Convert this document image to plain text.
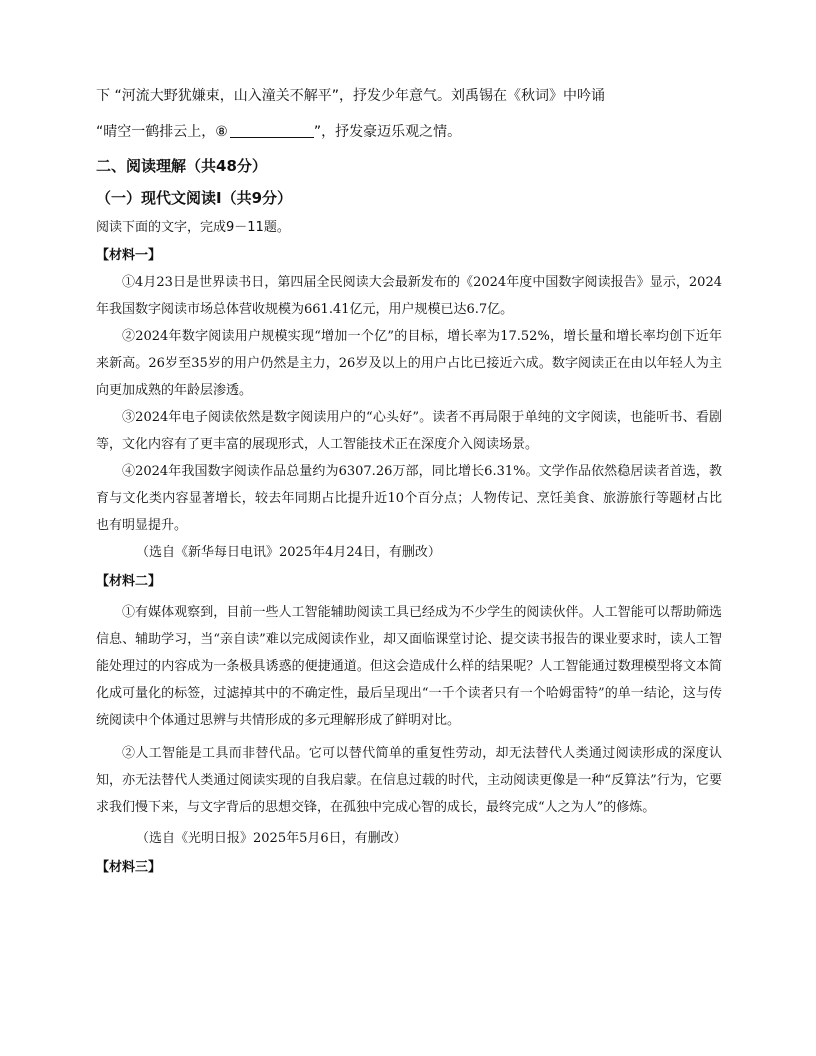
下 “河流大野犹嫌束，山入潼关不解平”，抒发少年意气。刘禹锡在《秋词》中吟诵
“晴空一鹤排云上，⑧	”，抒发豪迈乐观之情。
二、阅读理解（共48分）
（一）现代文阅读Ⅰ（共9分）
阅读下面的文字，完成9－11题。
【材料一】

①4月23日是世界读书日，第四届全民阅读大会最新发布的《2024年度中国数字阅读报告》显示，2024年我国数字阅读市场总体营收规模为661.41亿元，用户规模已达6.7亿。

②2024年数字阅读用户规模实现“增加一个亿”的目标，增长率为17.52%，增长量和增长率均创下近年来新高。26岁至35岁的用户仍然是主力，26岁及以上的用户占比已接近六成。数字阅读正在由以年轻人为主向更加成熟的年龄层渗透。

③2024年电子阅读依然是数字阅读用户的“心头好”。读者不再局限于单纯的文字阅读，也能听书、看剧等，文化内容有了更丰富的展现形式，人工智能技术正在深度介入阅读场景。

④2024年我国数字阅读作品总量约为6307.26万部，同比增长6.31%。文学作品依然稳居读者首选，教育与文化类内容显著增长，较去年同期占比提升近10个百分点；人物传记、烹饪美食、旅游旅行等题材占比也有明显提升。

（选自《新华每日电讯》2025年4月24日，有删改）
【材料二】

①有媒体观察到，目前一些人工智能辅助阅读工具已经成为不少学生的阅读伙伴。人工智能可以帮助筛选信息、辅助学习，当“亲自读”难以完成阅读作业，却又面临课堂讨论、提交读书报告的课业要求时，读人工智能处理过的内容成为一条极具诱惑的便捷通道。但这会造成什么样的结果呢？人工智能通过数理模型将文本简化成可量化的标签，过滤掉其中的不确定性，最后呈现出“一千个读者只有一个哈姆雷特”的单一结论，这与传统阅读中个体通过思辨与共情形成的多元理解形成了鲜明对比。

②人工智能是工具而非替代品。它可以替代简单的重复性劳动，却无法替代人类通过阅读形成的深度认知，亦无法替代人类通过阅读实现的自我启蒙。在信息过载的时代，主动阅读更像是一种“反算法”行为，它要求我们慢下来，与文字背后的思想交锋，在孤独中完成心智的成长，最终完成“人之为人”的修炼。

（选自《光明日报》2025年5月6日，有删改）
【材料三】
